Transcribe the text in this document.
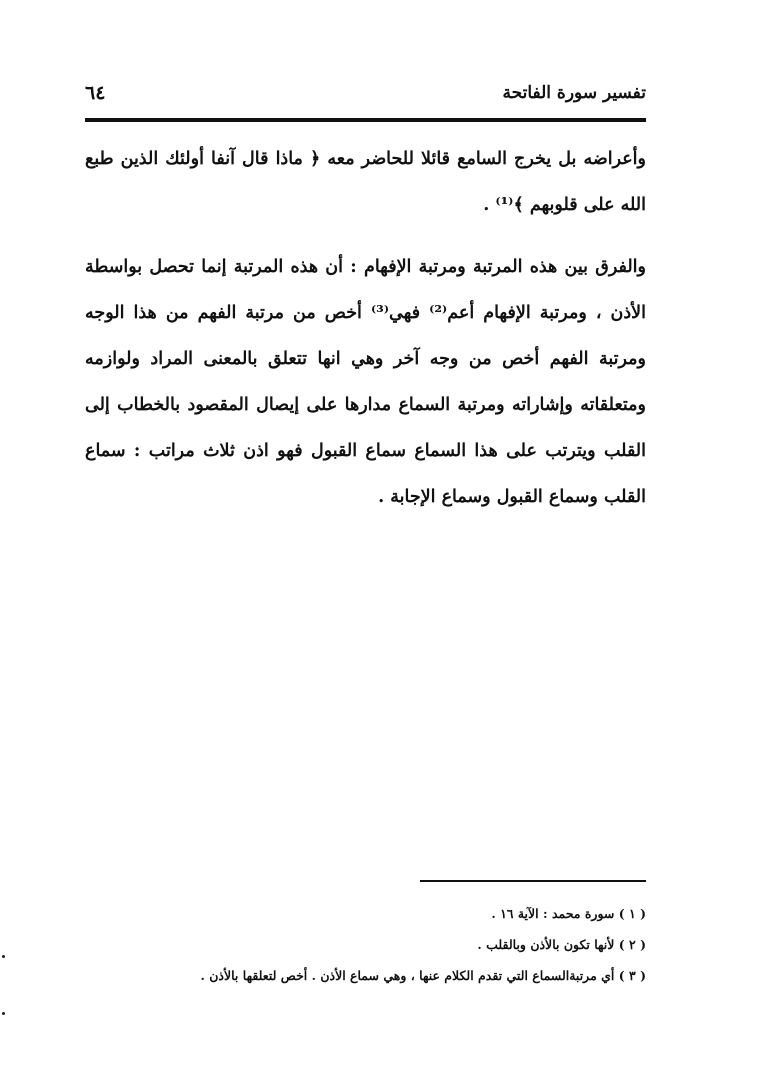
تفسير سورة الفاتحة
٦٤

وأعراضه بل يخرج السامع قائلا للحاضر معه ﴿ ماذا قال آنفا أولئك الذين طبع الله على قلوبهم ﴾⁽¹⁾ .

والفرق بين هذه المرتبة ومرتبة الإفهام : أن هذه المرتبة إنما تحصل بواسطة الأذن ، ومرتبة الإفهام أعم⁽²⁾ فهي⁽³⁾ أخص من مرتبة الفهم من هذا الوجه ومرتبة الفهم أخص من وجه آخر وهي انها تتعلق بالمعنى المراد ولوازمه ومتعلقاته وإشاراته ومرتبة السماع مدارها على إيصال المقصود بالخطاب إلى القلب ويترتب على هذا السماع سماع القبول فهو اذن ثلاث مراتب : سماع القلب وسماع القبول وسماع الإجابة .

( ١ ) سورة محمد : الآية ١٦ .

( ٢ ) لأنها تكون بالأذن وبالقلب .

( ٣ ) أي مرتبةالسماع التي تقدم الكلام عنها ، وهي سماع الأذن . أخص لتعلقها بالأذن .
